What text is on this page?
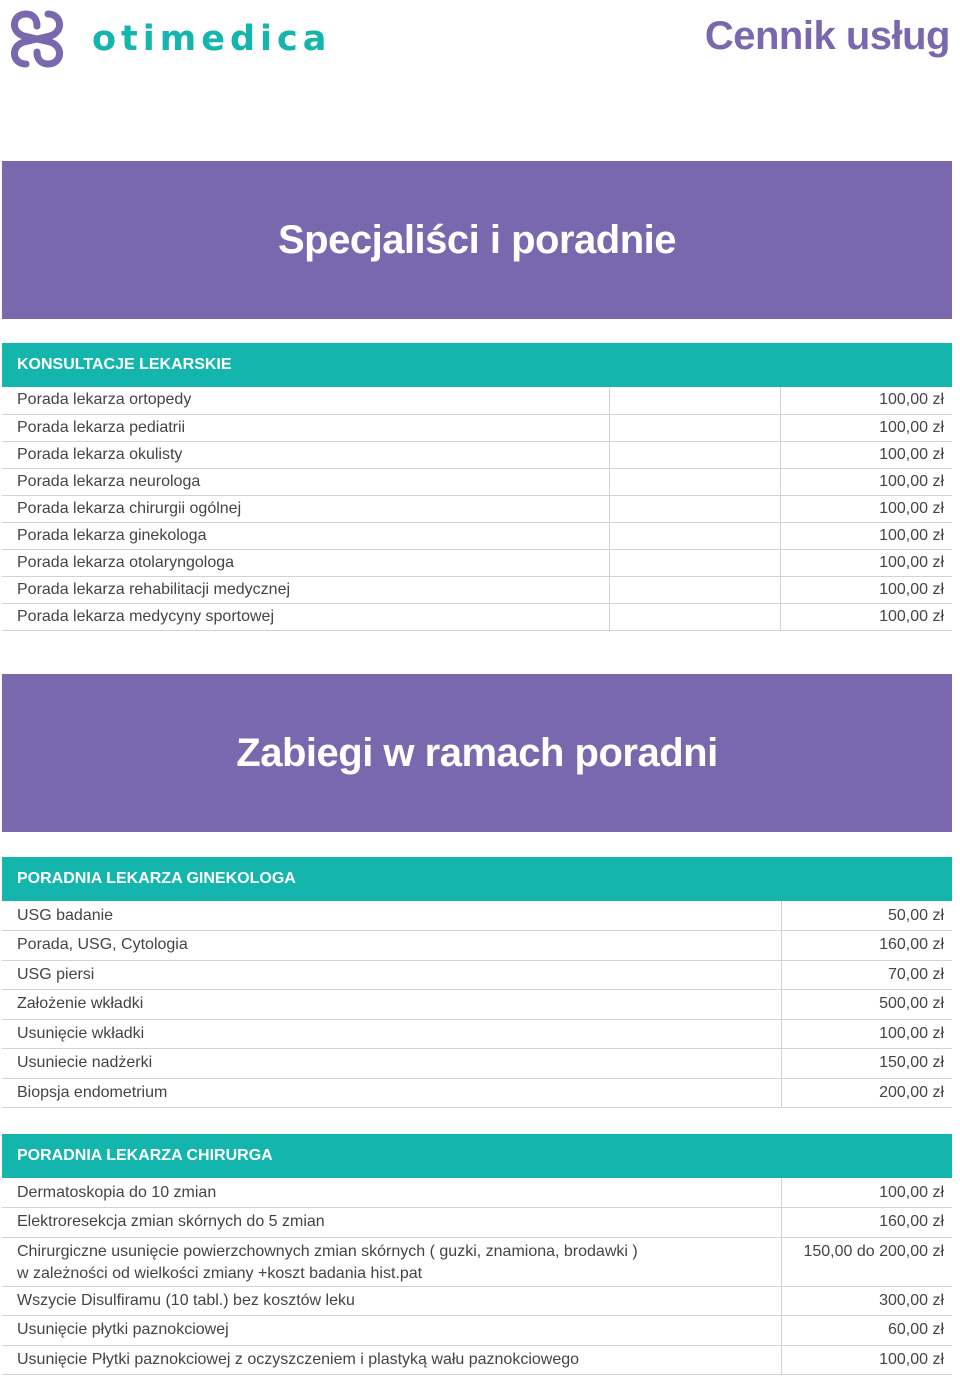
otimedica	Cennik usług
Specjaliści i poradnie
KONSULTACJE LEKARSKIE
Porada lekarza ortopedy		100,00 zł
Porada lekarza pediatrii		100,00 zł
Porada lekarza okulisty		100,00 zł
Porada lekarza neurologa		100,00 zł
Porada lekarza chirurgii ogólnej		100,00 zł
Porada lekarza ginekologa		100,00 zł
Porada lekarza otolaryngologa		100,00 zł
Porada lekarza rehabilitacji medycznej		100,00 zł
Porada lekarza medycyny sportowej		100,00 zł
Zabiegi w ramach poradni
PORADNIA LEKARZA GINEKOLOGA
USG badanie	50,00 zł
Porada, USG, Cytologia	160,00 zł
USG piersi	70,00 zł
Założenie wkładki	500,00 zł
Usunięcie wkładki	100,00 zł
Usuniecie nadżerki	150,00 zł
Biopsja endometrium	200,00 zł
PORADNIA LEKARZA CHIRURGA
Dermatoskopia do 10 zmian	100,00 zł
Elektroresekcja zmian skórnych do 5 zmian	160,00 zł

Chirurgiczne usunięcie powierzchownych zmian skórnych ( guzki, znamiona, brodawki )
w zależności od wielkości zmiany +koszt badania hist.pat	150,00 do 200,00 zł
Wszycie Disulfiramu (10 tabl.) bez kosztów leku	300,00 zł
Usunięcie płytki paznokciowej	60,00 zł
Usunięcie Płytki paznokciowej z oczyszczeniem i plastyką wału paznokciowego	100,00 zł
